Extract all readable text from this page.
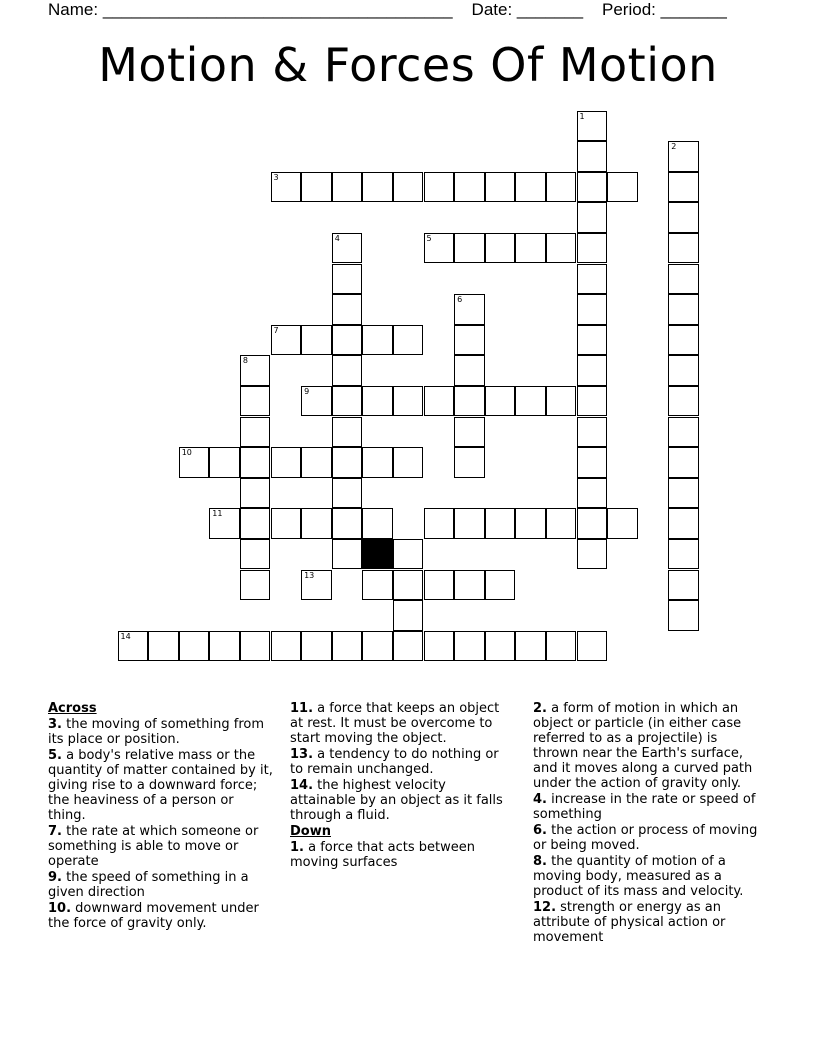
Name: _____________________________________ Date: _______ Period: _______
Motion & Forces Of Motion
1
2
3
4	5
6
7
8
9
10
11
13
14
Across
3. the moving of something from its place or position.
5. a body's relative mass or the quantity of matter contained by it, giving rise to a downward force; the heaviness of a person or thing.
7. the rate at which someone or something is able to move or operate
9. the speed of something in a given direction
10. downward movement under the force of gravity only.
11. a force that keeps an object at rest. It must be overcome to start moving the object.
13. a tendency to do nothing or to remain unchanged.
14. the highest velocity attainable by an object as it falls through a fluid.
Down
1. a force that acts between moving surfaces
2. a form of motion in which an object or particle (in either case referred to as a projectile) is thrown near the Earth's surface, and it moves along a curved path under the action of gravity only.
4. increase in the rate or speed of something
6. the action or process of moving or being moved.
8. the quantity of motion of a moving body, measured as a product of its mass and velocity.
12. strength or energy as an attribute of physical action or movement
